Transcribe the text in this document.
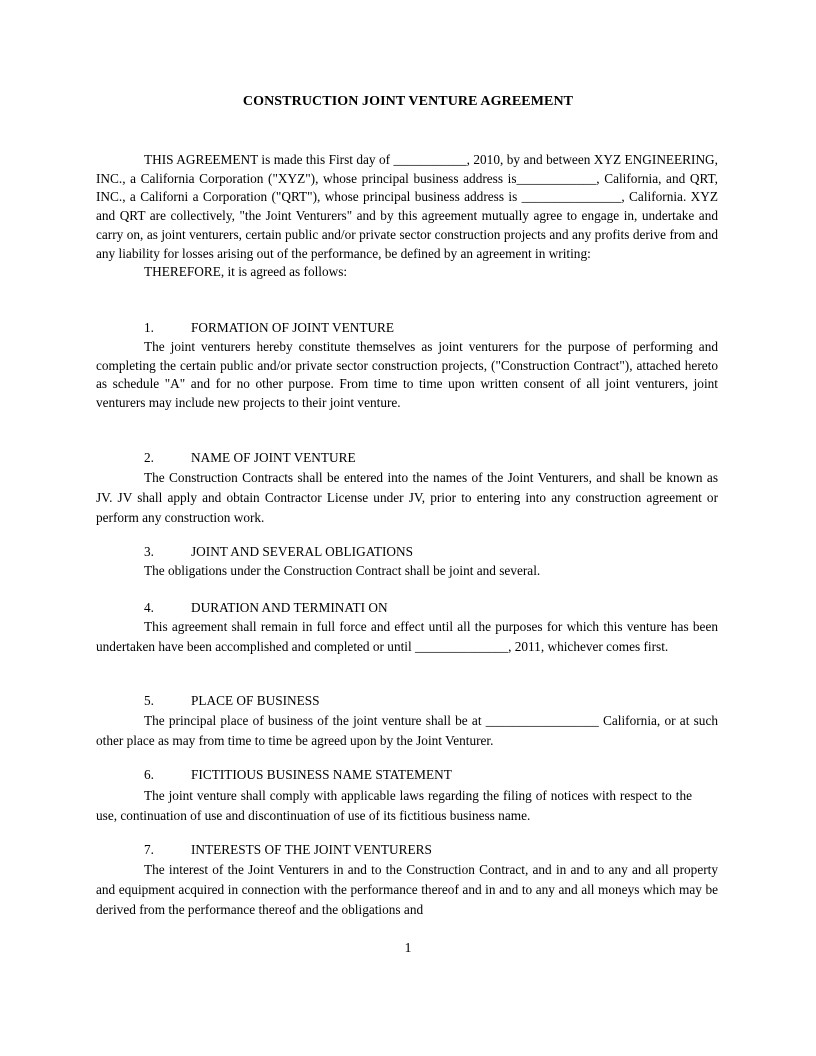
CONSTRUCTION JOINT VENTURE AGREEMENT

THIS AGREEMENT is made this First day of ___________, 2010, by and between XYZ ENGINEERING, INC., a California Corporation ("XYZ"), whose principal business address is____________, California, and QRT, INC., a Californi a Corporation ("QRT"), whose principal business address is _______________, California. XYZ and QRT are collectively, "the Joint Venturers" and by this agreement mutually agree to engage in, undertake and carry on, as joint venturers, certain public and/or private sector construction projects and any profits derive from and any liability for losses arising out of the performance, be defined by an agreement in writing:

THEREFORE, it is agreed as follows:

1.	FORMATION OF JOINT VENTURE

The joint venturers hereby constitute themselves as joint venturers for the purpose of performing and completing the certain public and/or private sector construction projects, ("Construction Contract"), attached hereto as schedule "A" and for no other purpose. From time to time upon written consent of all joint venturers, joint venturers may include new projects to their joint venture.

2.	NAME OF JOINT VENTURE

The Construction Contracts shall be entered into the names of the Joint Venturers, and shall be known as JV. JV shall apply and obtain Contractor License under JV, prior to entering into any construction agreement or perform any construction work.

3.	JOINT AND SEVERAL OBLIGATIONS

The obligations under the Construction Contract shall be joint and several.

4.	DURATION AND TERMINATI ON

This agreement shall remain in full force and effect until all the purposes for which this venture has been undertaken have been accomplished and completed or until ______________, 2011, whichever comes first.

5.	PLACE OF BUSINESS

The principal place of business of the joint venture shall be at _________________ California, or at such other place as may from time to time be agreed upon by the Joint Venturer.

6.	FICTITIOUS BUSINESS NAME STATEMENT

The joint venture shall comply with applicable laws regarding the filing of notices with respect to the use, continuation of use and discontinuation of use of its fictitious business name.

7.	INTERESTS OF THE JOINT VENTURERS

The interest of the Joint Venturers in and to the Construction Contract, and in and to any and all property and equipment acquired in connection with the performance thereof and in and to any and all moneys which may be derived from the performance thereof and the obligations and

1
